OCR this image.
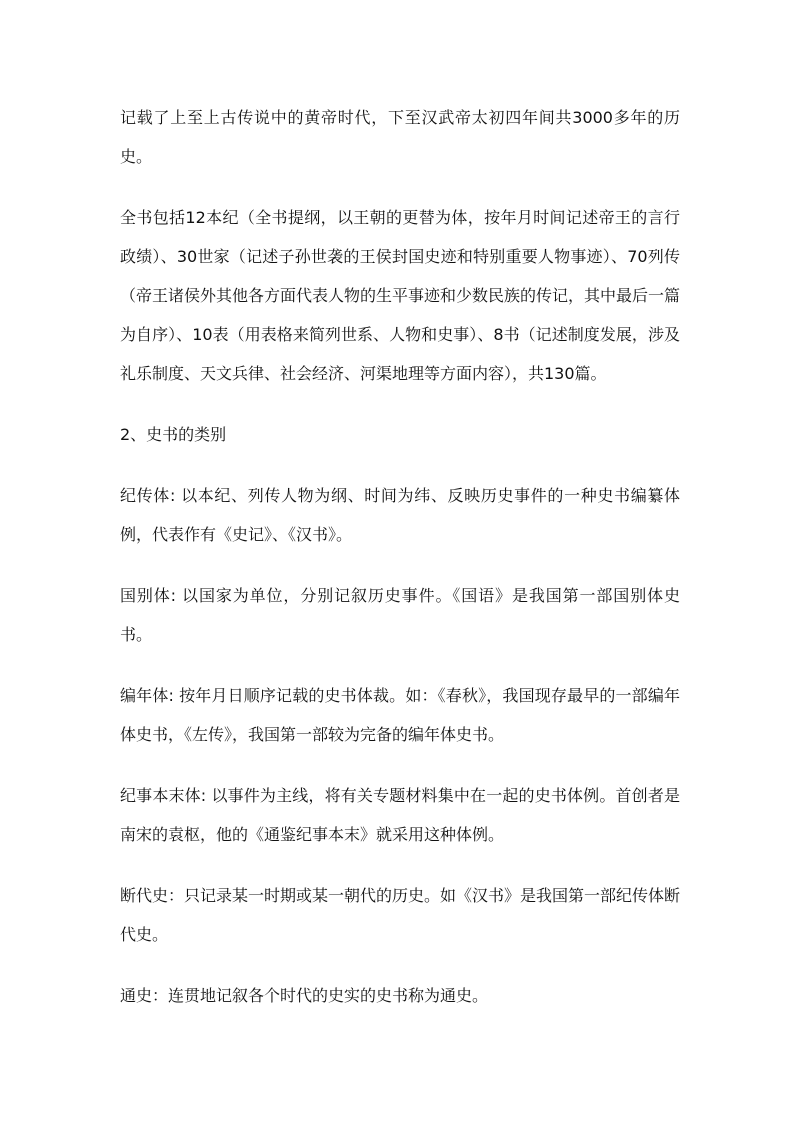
记载了上至上古传说中的黄帝时代，下至汉武帝太初四年间共3000多年的历史。

全书包括12本纪（全书提纲，以王朝的更替为体，按年月时间记述帝王的言行政绩）、30世家（记述子孙世袭的王侯封国史迹和特别重要人物事迹）、70列传（帝王诸侯外其他各方面代表人物的生平事迹和少数民族的传记，其中最后一篇为自序）、10表（用表格来简列世系、人物和史事）、8书（记述制度发展，涉及礼乐制度、天文兵律、社会经济、河渠地理等方面内容），共130篇。

2、史书的类别

纪传体: 以本纪、列传人物为纲、时间为纬、反映历史事件的一种史书编纂体例，代表作有《史记》、《汉书》。

国别体: 以国家为单位，分别记叙历史事件。《国语》是我国第一部国别体史书。

编年体: 按年月日顺序记载的史书体裁。如：《春秋》，我国现存最早的一部编年体史书，《左传》，我国第一部较为完备的编年体史书。

纪事本末体: 以事件为主线，将有关专题材料集中在一起的史书体例。首创者是南宋的袁枢，他的《通鉴纪事本末》就采用这种体例。

断代史：只记录某一时期或某一朝代的历史。如《汉书》是我国第一部纪传体断代史。

通史：连贯地记叙各个时代的史实的史书称为通史。
